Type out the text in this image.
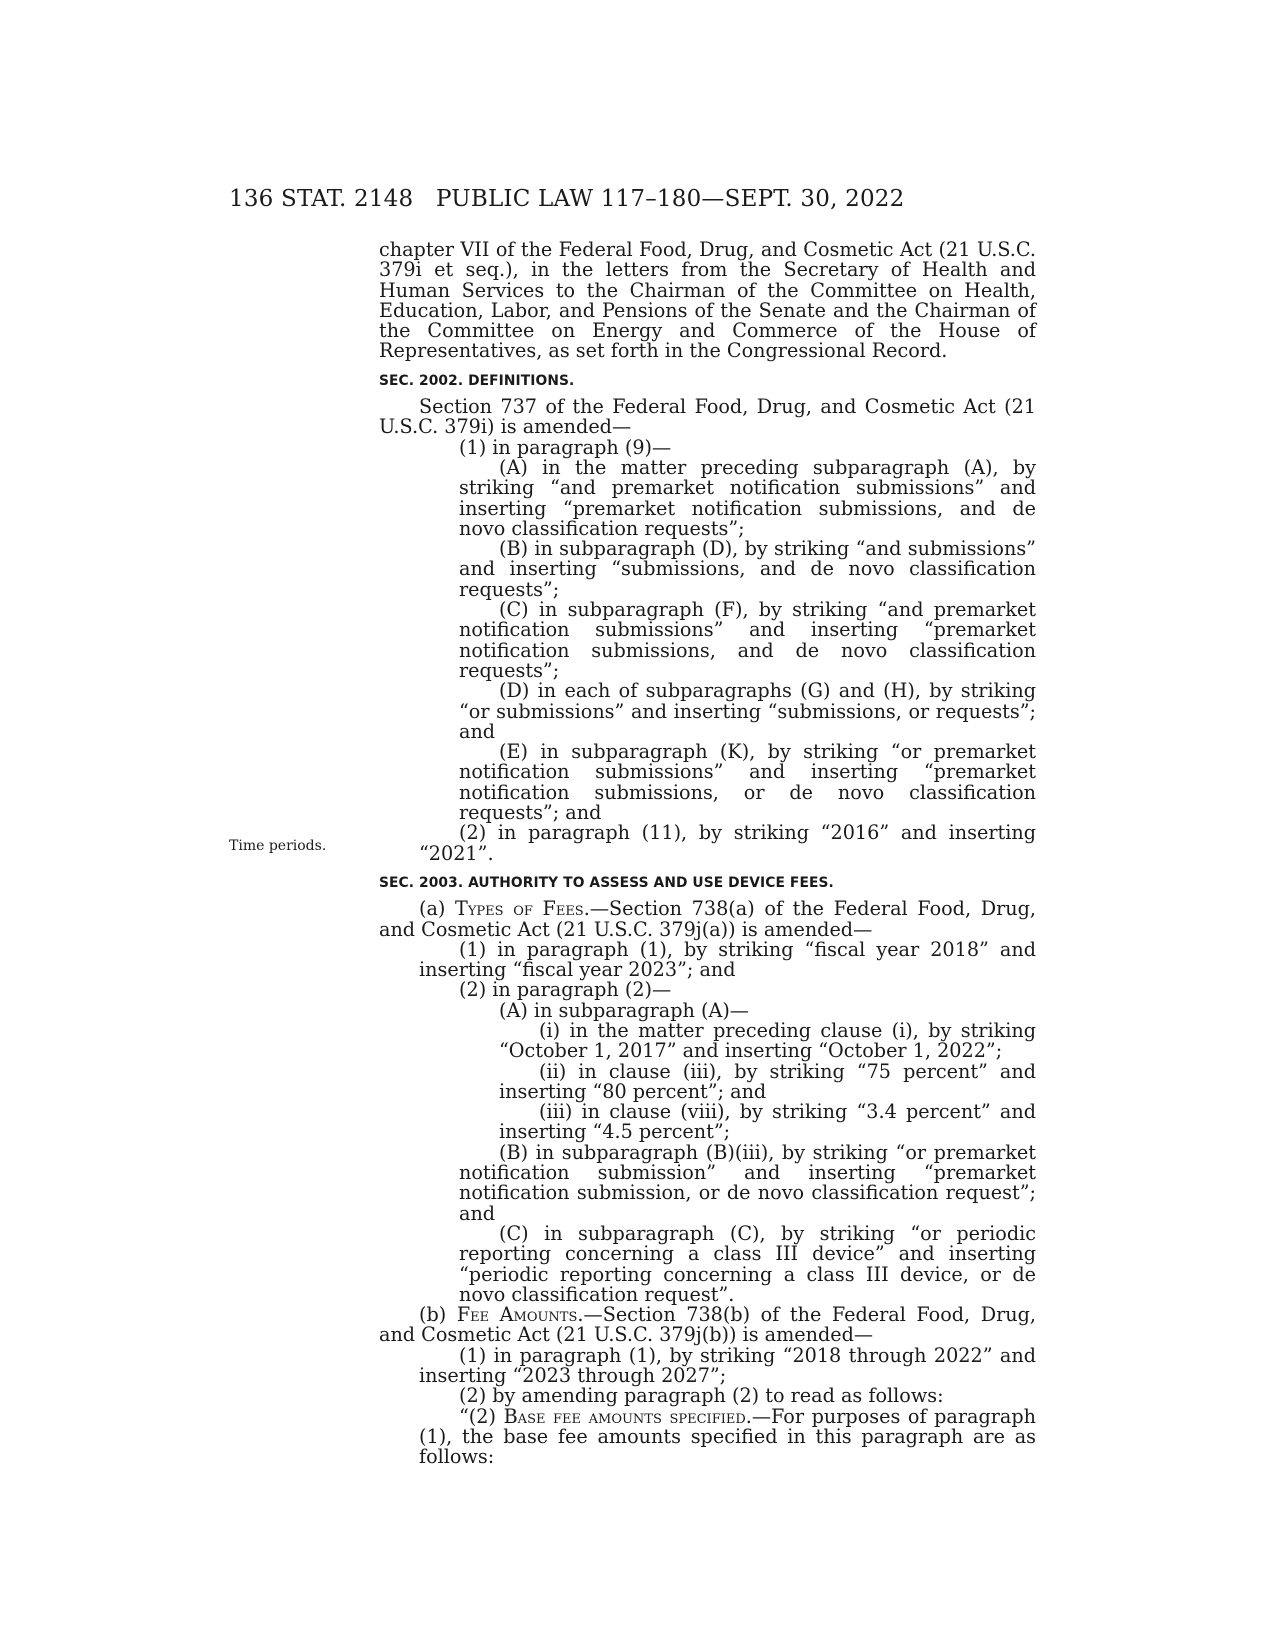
136 STAT. 2148 PUBLIC LAW 117–180—SEPT. 30, 2022
Time periods.

chapter VII of the Federal Food, Drug, and Cosmetic Act (21 U.S.C. 379i et seq.), in the letters from the Secretary of Health and Human Services to the Chairman of the Committee on Health, Education, Labor, and Pensions of the Senate and the Chairman of the Committee on Energy and Commerce of the House of Representatives, as set forth in the Congressional Record.

SEC. 2002. DEFINITIONS.

Section 737 of the Federal Food, Drug, and Cosmetic Act (21 U.S.C. 379i) is amended—

(1) in paragraph (9)—

(A) in the matter preceding subparagraph (A), by striking “and premarket notification submissions” and inserting “premarket notification submissions, and de novo classification requests”;

(B) in subparagraph (D), by striking “and submissions” and inserting “submissions, and de novo classification requests”;

(C) in subparagraph (F), by striking “and premarket notification submissions” and inserting “premarket notification submissions, and de novo classification requests”;

(D) in each of subparagraphs (G) and (H), by striking “or submissions” and inserting “submissions, or requests”; and

(E) in subparagraph (K), by striking “or premarket notification submissions” and inserting “premarket notification submissions, or de novo classification requests”; and

(2) in paragraph (11), by striking “2016” and inserting “2021”.

SEC. 2003. AUTHORITY TO ASSESS AND USE DEVICE FEES.

(a) Types of Fees.—Section 738(a) of the Federal Food, Drug, and Cosmetic Act (21 U.S.C. 379j(a)) is amended—

(1) in paragraph (1), by striking “fiscal year 2018” and inserting “fiscal year 2023”; and

(2) in paragraph (2)—

(A) in subparagraph (A)—

(i) in the matter preceding clause (i), by striking “October 1, 2017” and inserting “October 1, 2022”;

(ii) in clause (iii), by striking “75 percent” and inserting “80 percent”; and

(iii) in clause (viii), by striking “3.4 percent” and inserting “4.5 percent”;

(B) in subparagraph (B)(iii), by striking “or premarket notification submission” and inserting “premarket notification submission, or de novo classification request”; and

(C) in subparagraph (C), by striking “or periodic reporting concerning a class III device” and inserting “periodic reporting concerning a class III device, or de novo classification request”.

(b) Fee Amounts.—Section 738(b) of the Federal Food, Drug, and Cosmetic Act (21 U.S.C. 379j(b)) is amended—

(1) in paragraph (1), by striking “2018 through 2022” and inserting “2023 through 2027”;

(2) by amending paragraph (2) to read as follows:

“(2) Base fee amounts specified.—For purposes of paragraph (1), the base fee amounts specified in this paragraph are as follows:
